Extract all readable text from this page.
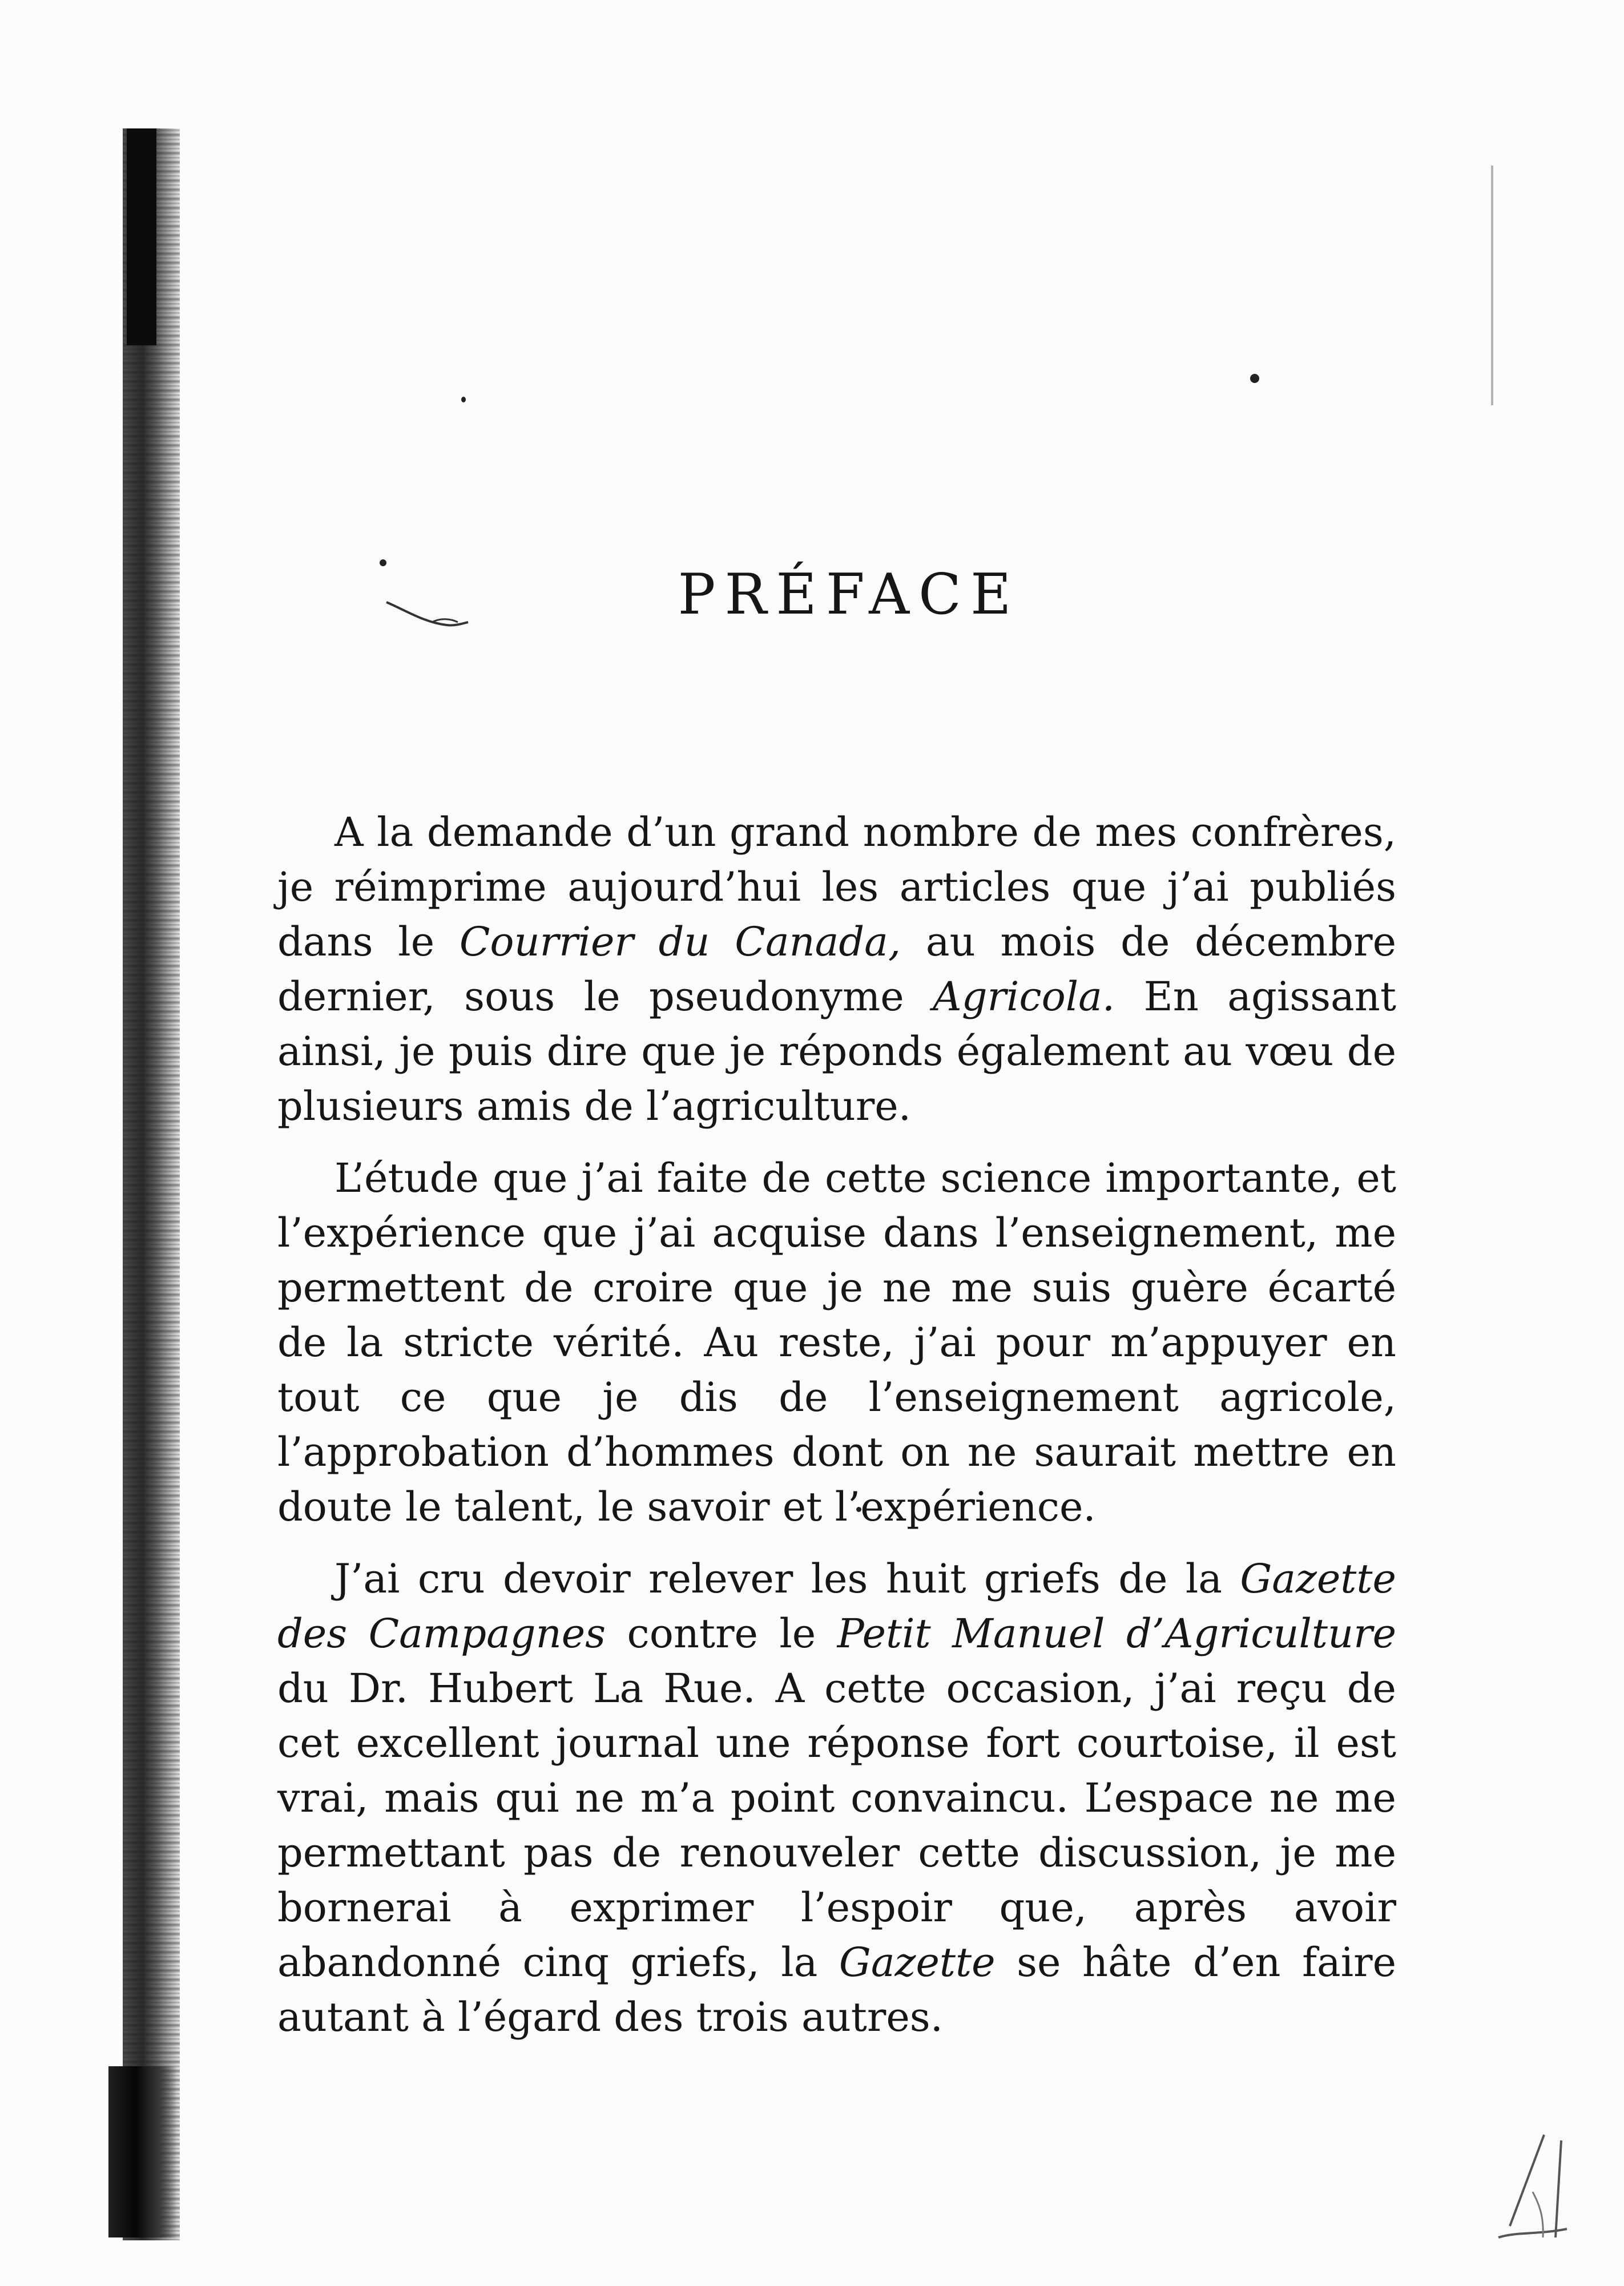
PRÉFACE

A la demande d’un grand nombre de mes confrères, je réimprime aujourd’hui les articles que j’ai publiés dans le Courrier du Canada, au mois de décembre dernier, sous le pseudonyme Agricola. En agissant ainsi, je puis dire que je réponds également au vœu de plusieurs amis de l’agriculture.

L’étude que j’ai faite de cette science importante, et l’expérience que j’ai acquise dans l’enseignement, me permettent de croire que je ne me suis guère écarté de la stricte vérité. Au reste, j’ai pour m’appuyer en tout ce que je dis de l’enseignement agricole, l’approbation d’hommes dont on ne saurait mettre en doute le talent, le savoir et l’expérience.

J’ai cru devoir relever les huit griefs de la Gazette des Campagnes contre le Petit Manuel d’Agriculture du Dr. Hubert La Rue. A cette occasion, j’ai reçu de cet excellent journal une réponse fort courtoise, il est vrai, mais qui ne m’a point convaincu. L’espace ne me permettant pas de renouveler cette discussion, je me bornerai à exprimer l’espoir que, après avoir abandonné cinq griefs, la Gazette se hâte d’en faire autant à l’égard des trois autres.
